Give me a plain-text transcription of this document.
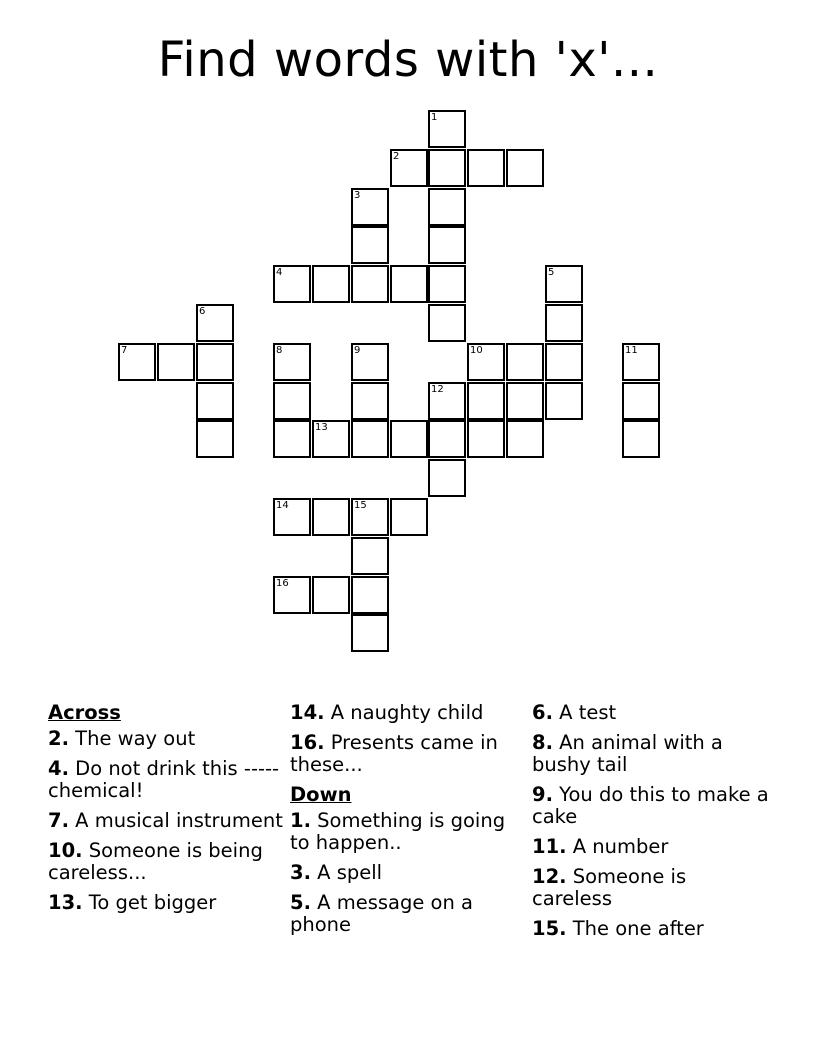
Find words with 'x'...
1
2
3
4	5
6
7	8	9	10	11
12
13
14	15
16
Across
2. The way out
4. Do not drink this -----chemical!
7. A musical instrument
10. Someone is being careless...
13. To get bigger
14. A naughty child
16. Presents came in these...
Down
1. Something is going to happen..
3. A spell
5. A message on a phone
6. A test
8. An animal with a bushy tail
9. You do this to make a cake
11. A number
12. Someone is careless
15. The one after
